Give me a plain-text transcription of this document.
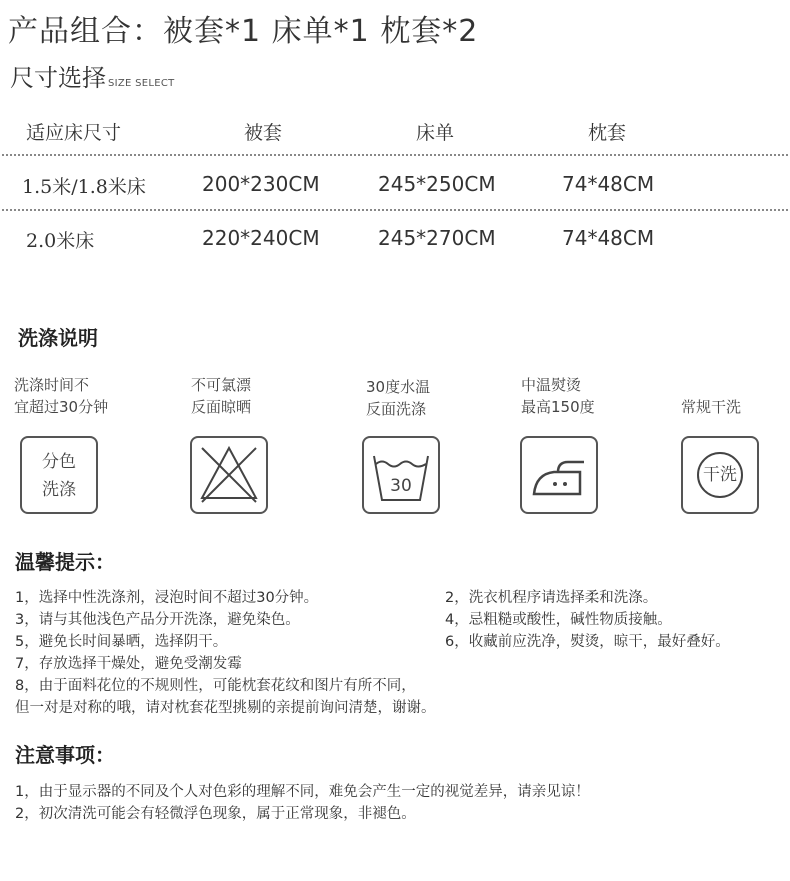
产品组合：被套*1 床单*1 枕套*2
尺寸选择 SIZE SELECT
适应床尺寸	被套	床单	枕套
1.5米/1.8米床	200*230CM	245*250CM	74*48CM
2.0米床	220*240CM	245*270CM	74*48CM
洗涤说明
洗涤时间不
宜超过30分钟
不可氯漂
反面晾晒
30度水温
反面洗涤
中温熨烫
最高150度	常规干洗
分色
洗涤	30
干洗
温馨提示：
1，选择中性洗涤剂，浸泡时间不超过30分钟。
3，请与其他浅色产品分开洗涤，避免染色。
5，避免长时间暴晒，选择阴干。
7，存放选择干燥处，避免受潮发霉
8，由于面料花位的不规则性，可能枕套花纹和图片有所不同，
但一对是对称的哦，请对枕套花型挑剔的亲提前询问清楚，谢谢。
2，洗衣机程序请选择柔和洗涤。
4，忌粗糙或酸性，碱性物质接触。
6，收藏前应洗净，熨烫，晾干，最好叠好。
注意事项：
1，由于显示器的不同及个人对色彩的理解不同，难免会产生一定的视觉差异，请亲见谅！
2，初次清洗可能会有轻微浮色现象，属于正常现象，非褪色。
